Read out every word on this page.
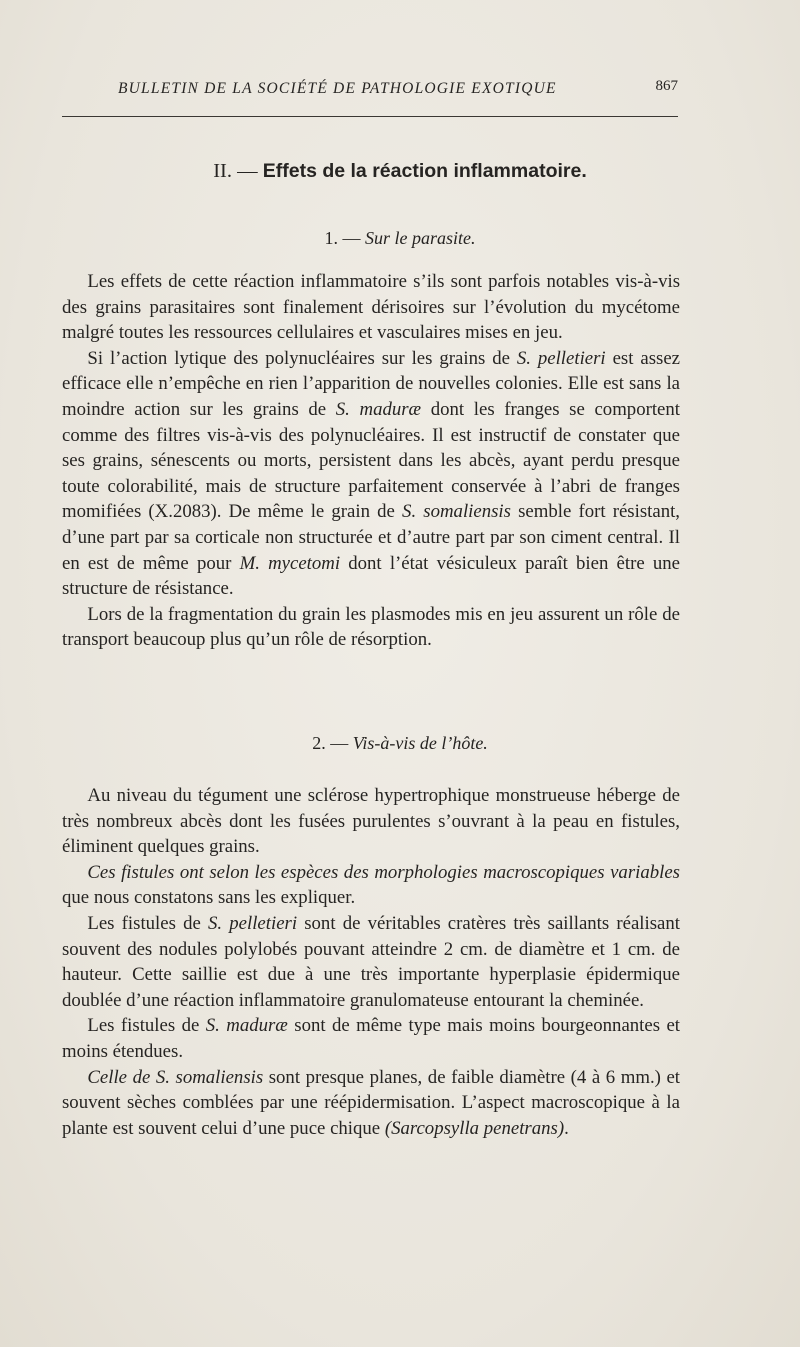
BULLETIN DE LA SOCIÉTÉ DE PATHOLOGIE EXOTIQUE	867
II. — Effets de la réaction inflammatoire.
1. — Sur le parasite.

Les effets de cette réaction inflammatoire s’ils sont parfois notables vis-à-vis des grains parasitaires sont finalement dérisoires sur l’évolution du mycétome malgré toutes les ressources cellulaires et vasculaires mises en jeu.

Si l’action lytique des polynucléaires sur les grains de S. pelletieri est assez efficace elle n’empêche en rien l’apparition de nouvelles colonies. Elle est sans la moindre action sur les grains de S. maduræ dont les franges se comportent comme des filtres vis-à-vis des polynucléaires. Il est instructif de constater que ses grains, sénescents ou morts, persistent dans les abcès, ayant perdu presque toute colorabilité, mais de structure parfaitement conservée à l’abri de franges momifiées (X.2083). De même le grain de S. somaliensis semble fort résistant, d’une part par sa corticale non structurée et d’autre part par son ciment central. Il en est de même pour M. mycetomi dont l’état vésiculeux paraît bien être une structure de résistance.

Lors de la fragmentation du grain les plasmodes mis en jeu assurent un rôle de transport beaucoup plus qu’un rôle de résorption.

2. — Vis-à-vis de l’hôte.

Au niveau du tégument une sclérose hypertrophique monstrueuse héberge de très nombreux abcès dont les fusées purulentes s’ouvrant à la peau en fistules, éliminent quelques grains.

Ces fistules ont selon les espèces des morphologies macroscopiques variables que nous constatons sans les expliquer.

Les fistules de S. pelletieri sont de véritables cratères très saillants réalisant souvent des nodules polylobés pouvant atteindre 2 cm. de diamètre et 1 cm. de hauteur. Cette saillie est due à une très importante hyperplasie épidermique doublée d’une réaction inflammatoire granulomateuse entourant la cheminée.

Les fistules de S. maduræ sont de même type mais moins bourgeonnantes et moins étendues.

Celle de S. somaliensis sont presque planes, de faible diamètre (4 à 6 mm.) et souvent sèches comblées par une réépidermisation. L’aspect macroscopique à la plante est souvent celui d’une puce chique (Sarcopsylla penetrans).
